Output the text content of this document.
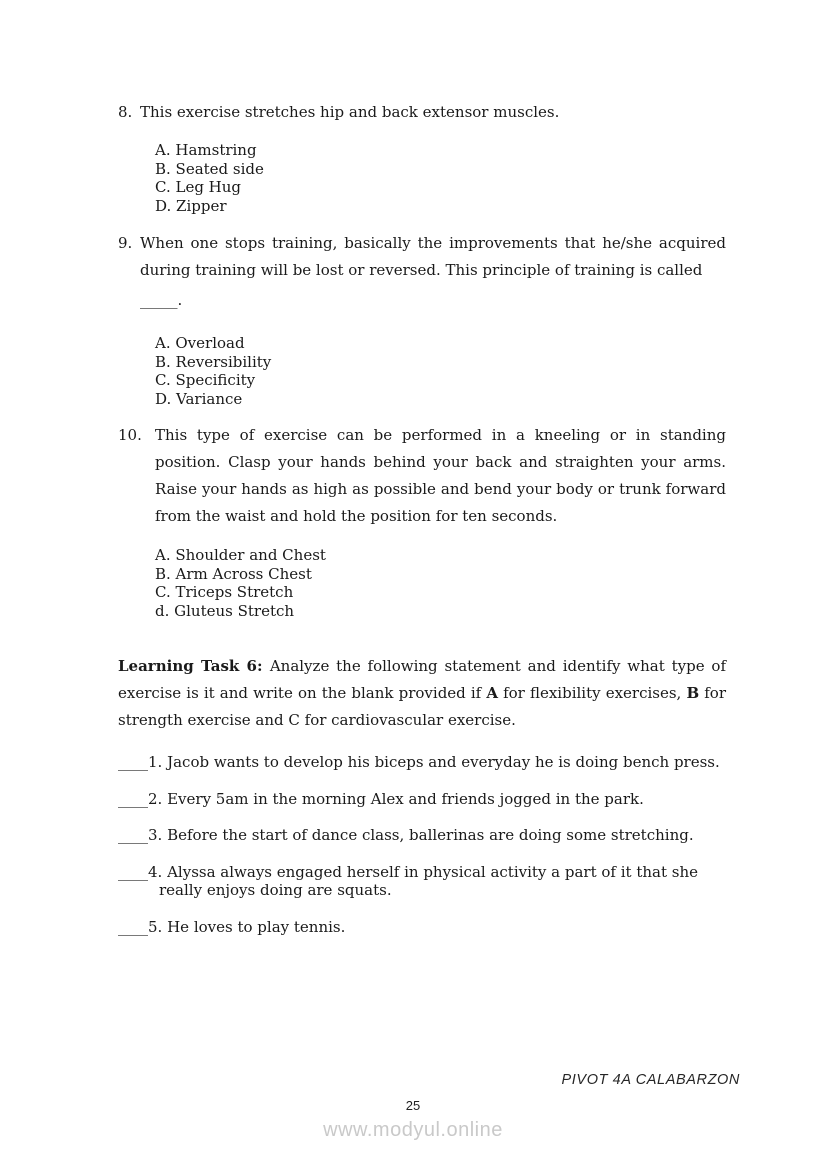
8. This exercise stretches hip and back extensor muscles.

A. Hamstring
B. Seated side
C. Leg Hug
D. Zipper
9. When one stops training, basically the improvements that he/she acquired during training will be lost or reversed. This principle of training is called

_____.
A. Overload
B. Reversibility
C. Specificity
D. Variance
10. This type of exercise can be performed in a kneeling or in standing position. Clasp your hands behind your back and straighten your arms. Raise your hands as high as possible and bend your body or trunk forward from the waist and hold the position for ten seconds.

A. Shoulder and Chest
B. Arm Across Chest
C. Triceps Stretch
d. Gluteus Stretch

Learning Task 6: Analyze the following statement and identify what type of exercise is it and write on the blank provided if A for flexibility exercises, B for strength exercise and C for cardiovascular exercise.

____1. Jacob wants to develop his biceps and everyday he is doing bench press.
____2. Every 5am in the morning Alex and friends jogged in the park.
____3. Before the start of dance class, ballerinas are doing some stretching.
____4. Alyssa always engaged herself in physical activity a part of it that she really enjoys doing are squats.
____5. He loves to play tennis.
PIVOT 4A CALABARZON
25
www.modyul.online
